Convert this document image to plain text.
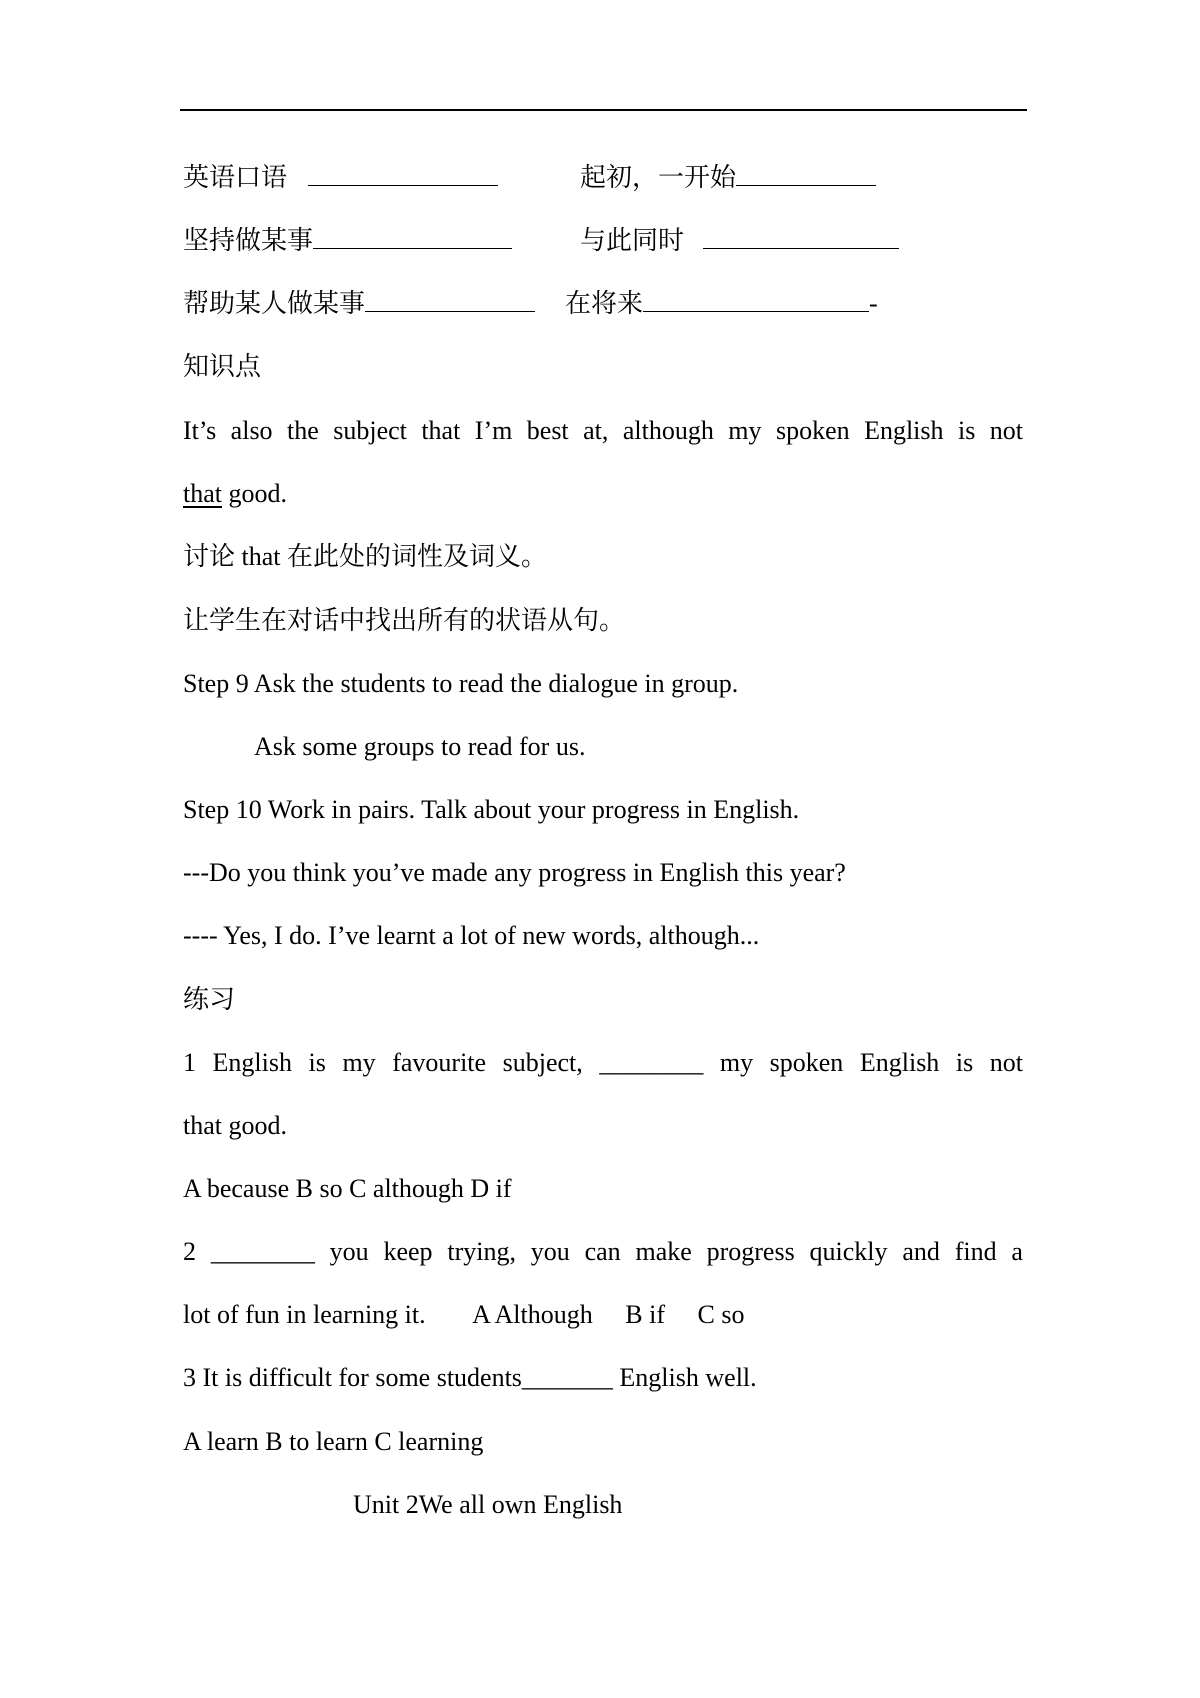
英语口语	起初，一开始
坚持做某事	与此同时
帮助某人做某事	在将来	-
知识点
It’s also the subject that I’m best at, although my spoken English is not
that good.
讨论 that 在此处的词性及词义。
让学生在对话中找出所有的状语从句。
Step 9 Ask the students to read the dialogue in group.
Ask some groups to read for us.
Step 10 Work in pairs. Talk about your progress in English.
---Do you think you’ve made any progress in English this year?
---- Yes, I do. I’ve learnt a lot of new words, although...
练习
1 English is my favourite subject, ________ my spoken English is not
that good.
A because B so C although D if
2 ________ you keep trying, you can make progress quickly and find a
lot of fun in learning it. A Although B if C so
3 It is difficult for some students_______ English well.
A learn B to learn C learning
Unit 2We all own English
